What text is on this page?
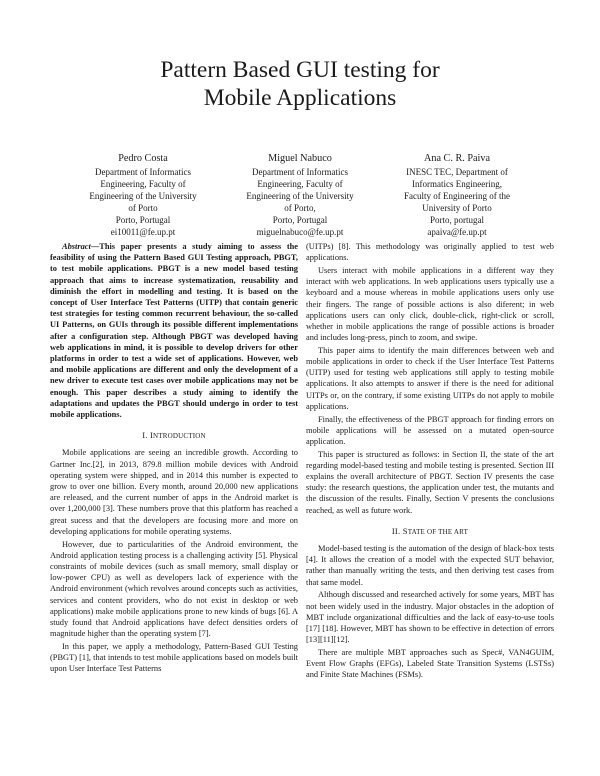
Pattern Based GUI testing for
Mobile Applications
Pedro Costa
Department of Informatics
Engineering, Faculty of
Engineering of the University
of Porto
Porto, Portugal
ei10011@fe.up.pt
Miguel Nabuco
Department of Informatics
Engineering, Faculty of
Engineering of the University
of Porto,
Porto, Portugal
miguelnabuco@fe.up.pt
Ana C. R. Paiva
INESC TEC, Department of
Informatics Engineering,
Faculty of Engineering of the
University of Porto
Porto, portugal
apaiva@fe.up.pt

Abstract—This paper presents a study aiming to assess the feasibility of using the Pattern Based GUI Testing approach, PBGT, to test mobile applications. PBGT is a new model based testing approach that aims to increase systematization, reusability and diminish the effort in modelling and testing. It is based on the concept of User Interface Test Patterns (UITP) that contain generic test strategies for testing common recurrent behaviour, the so-called UI Patterns, on GUIs through its possible different implementations after a configuration step. Although PBGT was developed having web applications in mind, it is possible to develop drivers for other platforms in order to test a wide set of applications. However, web and mobile applications are different and only the development of a new driver to execute test cases over mobile applications may not be enough. This paper describes a study aiming to identify the adaptations and updates the PBGT should undergo in order to test mobile applications.

I. INTRODUCTION

Mobile applications are seeing an incredible growth. According to Gartner Inc.[2], in 2013, 879.8 million mobile devices with Android operating system were shipped, and in 2014 this number is expected to grow to over one billion. Every month, around 20,000 new applications are released, and the current number of apps in the Android market is over 1,200,000 [3]. These numbers prove that this platform has reached a great sucess and that the developers are focusing more and more on developing applications for mobile operating systems.

However, due to particularities of the Android environment, the Android application testing process is a challenging activity [5]. Physical constraints of mobile devices (such as small memory, small display or low-power CPU) as well as developers lack of experience with the Android environment (which revolves around concepts such as activities, services and content providers, who do not exist in desktop or web applications) make mobile applications prone to new kinds of bugs [6]. A study found that Android applications have defect densities orders of magnitude higher than the operating system [7].

In this paper, we apply a methodology, Pattern-Based GUI Testing (PBGT) [1], that intends to test mobile applications based on models built upon User Interface Test Patterns

(UITPs) [8]. This methodology was originally applied to test web applications.

Users interact with mobile applications in a different way they interact with web applications. In web applications users typically use a keyboard and a mouse whereas in mobile applications users only use their fingers. The range of possible actions is also diferent; in web applications users can only click, double-click, right-click or scroll, whether in mobile applications the range of possible actions is broader and includes long-press, pinch to zoom, and swipe.

This paper aims to identify the main differences between web and mobile applications in order to check if the User Interface Test Patterns (UITP) used for testing web applications still apply to testing mobile applications. It also attempts to answer if there is the need for aditional UITPs or, on the contrary, if some existing UITPs do not apply to mobile applications.

Finally, the effectiveness of the PBGT approach for finding errors on mobile applications will be assessed on a mutated open-source application.

This paper is structured as follows: in Section II, the state of the art regarding model-based testing and mobile testing is presented. Section III explains the overall architecture of PBGT. Section IV presents the case study: the research questions, the application under test, the mutants and the discussion of the results. Finally, Section V presents the conclusions reached, as well as future work.

II. STATE OF THE ART

Model-based testing is the automation of the design of black-box tests [4]. It allows the creation of a model with the expected SUT behavior, rather than manually writing the tests, and then deriving test cases from that same model.

Although discussed and researched actively for some years, MBT has not been widely used in the industry. Major obstacles in the adoption of MBT include organizational difficulties and the lack of easy-to-use tools [17] [18]. However, MBT has shown to be effective in detection of errors [13][11][12].

There are multiple MBT approaches such as Spec#, VAN4GUIM, Event Flow Graphs (EFGs), Labeled State Transition Systems (LSTSs) and Finite State Machines (FSMs).
